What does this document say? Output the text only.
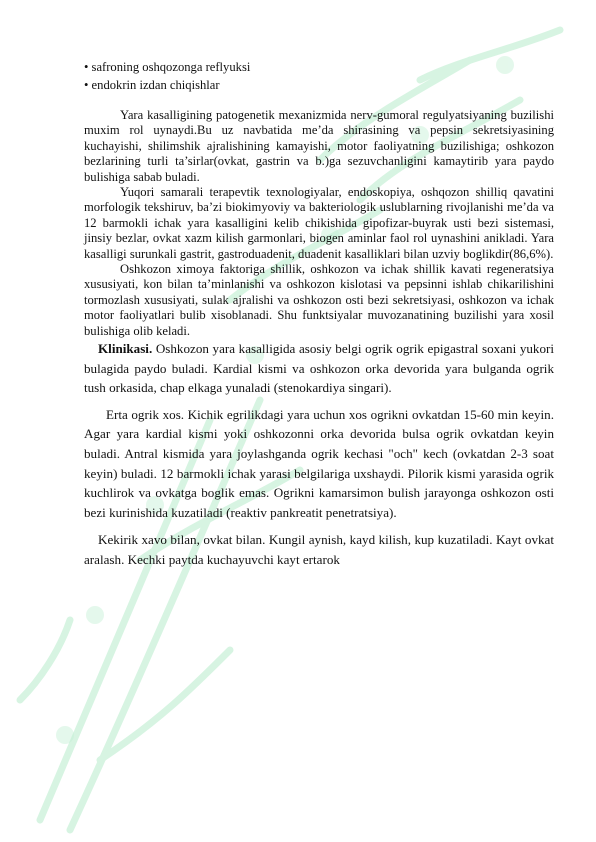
• safroning oshqozonga reflyuksi
• endokrin izdan chiqishlar

Yara kasalligining patogenetik mexanizmida nerv-gumoral regulyatsiyaning buzilishi muxim rol uynaydi.Bu uz navbatida me’da shirasining va pepsin sekretsiyasining kuchayishi, shilimshik ajralishining kamayishi, motor faoliyatning buzilishiga; oshkozon bezlarining turli ta’sirlar(ovkat, gastrin va b.)ga sezuvchanligini kamaytirib yara paydo bulishiga sabab buladi.

Yuqori samarali terapevtik texnologiyalar, endoskopiya, oshqozon shilliq qavatini morfologik tekshiruv, ba’zi biokimyoviy va bakteriologik uslublarning rivojlanishi me’da va 12 barmokli ichak yara kasalligini kelib chikishida gipofizar-buyrak usti bezi sistemasi, jinsiy bezlar, ovkat xazm kilish garmonlari, biogen aminlar faol rol uynashini anikladi. Yara kasalligi surunkali gastrit, gastroduadenit, duadenit kasalliklari bilan uzviy boglikdir(86,6%).

Oshkozon ximoya faktoriga shillik, oshkozon va ichak shillik kavati regeneratsiya xususiyati, kon bilan ta’minlanishi va oshkozon kislotasi va pepsinni ishlab chikarilishini tormozlash xususiyati, sulak ajralishi va oshkozon osti bezi sekretsiyasi, oshkozon va ichak motor faoliyatlari bulib xisoblanadi. Shu funktsiyalar muvozanatining buzilishi yara xosil bulishiga olib keladi.

Klinikasi. Oshkozon yara kasalligida asosiy belgi ogrik ogrik epigastral soxani yukori bulagida paydo buladi. Kardial kismi va oshkozon orka devorida yara bulganda ogrik tush orkasida, chap elkaga yunaladi (stenokardiya singari).

Erta ogrik xos. Kichik egrilikdagi yara uchun xos ogrikni ovkatdan 15-60 min keyin. Agar yara kardial kismi yoki oshkozonni orka devorida bulsa ogrik ovkatdan keyin buladi. Antral kismida yara joylashganda ogrik kechasi "och" kech (ovkatdan 2-3 soat keyin) buladi. 12 barmokli ichak yarasi belgilariga uxshaydi. Pilorik kismi yarasida ogrik kuchlirok va ovkatga boglik emas. Ogrikni kamarsimon bulish jarayonga oshkozon osti bezi kurinishida kuzatiladi (reaktiv pankreatit penetratsiya).

Kekirik xavo bilan, ovkat bilan. Kungil aynish, kayd kilish, kup kuzatiladi. Kayt ovkat aralash. Kechki paytda kuchayuvchi kayt ertarok
